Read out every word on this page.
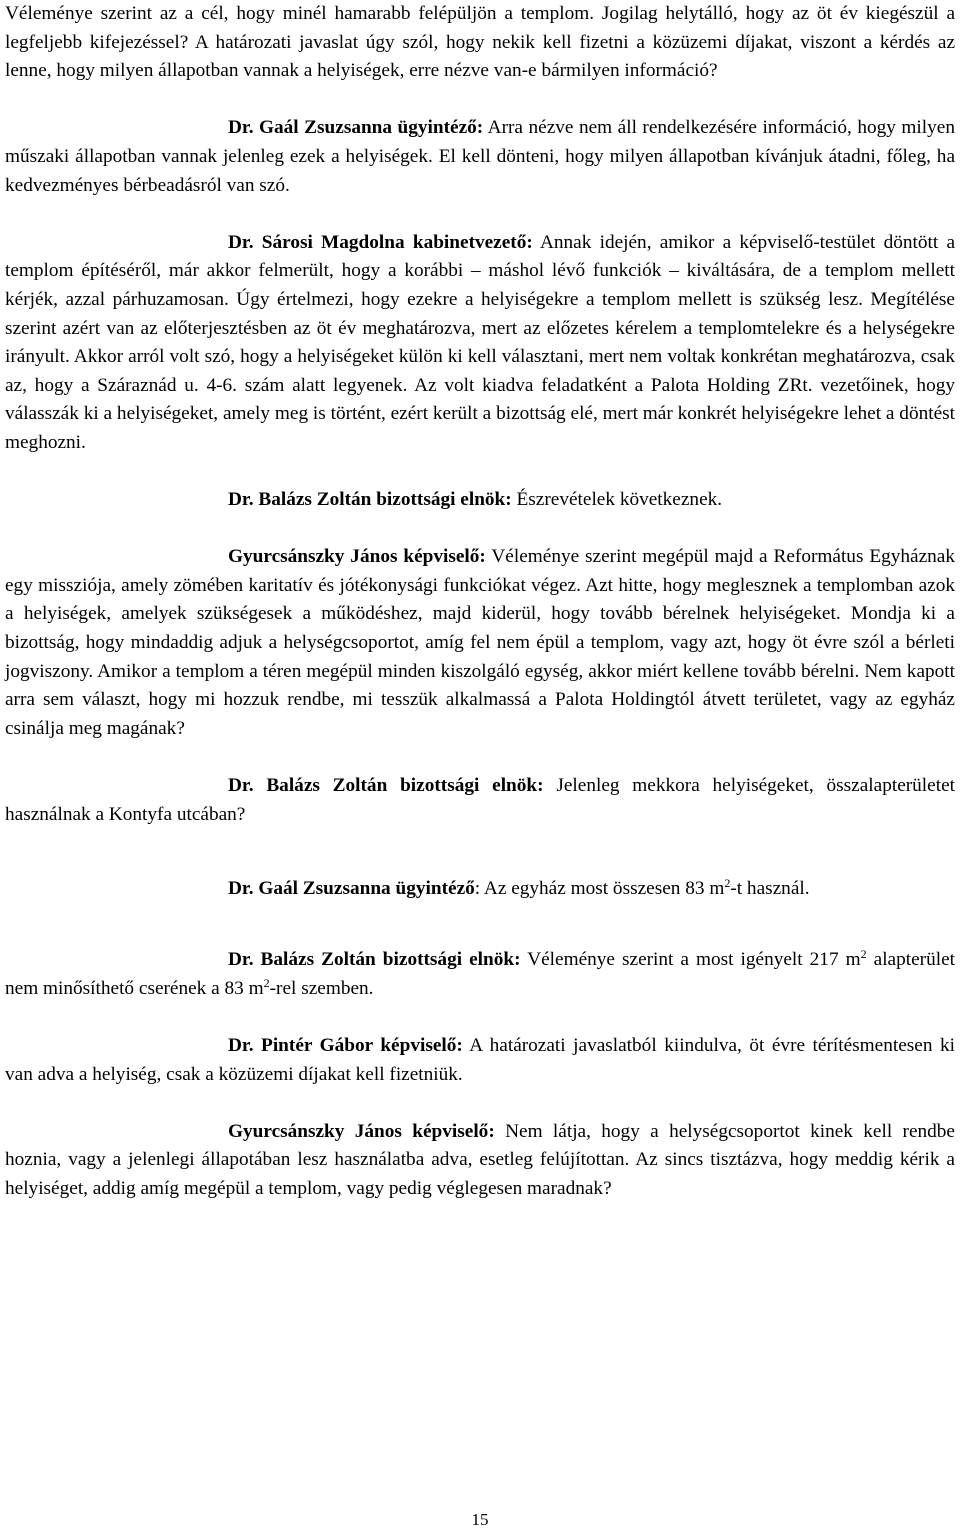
Véleménye szerint az a cél, hogy minél hamarabb felépüljön a templom. Jogilag helytálló, hogy az öt év kiegészül a legfeljebb kifejezéssel? A határozati javaslat úgy szól, hogy nekik kell fizetni a közüzemi díjakat, viszont a kérdés az lenne, hogy milyen állapotban vannak a helyiségek, erre nézve van-e bármilyen információ?

Dr. Gaál Zsuzsanna ügyintéző: Arra nézve nem áll rendelkezésére információ, hogy milyen műszaki állapotban vannak jelenleg ezek a helyiségek. El kell dönteni, hogy milyen állapotban kívánjuk átadni, főleg, ha kedvezményes bérbeadásról van szó.

Dr. Sárosi Magdolna kabinetvezető: Annak idején, amikor a képviselő-testület döntött a templom építéséről, már akkor felmerült, hogy a korábbi – máshol lévő funkciók – kiváltására, de a templom mellett kérjék, azzal párhuzamosan. Úgy értelmezi, hogy ezekre a helyiségekre a templom mellett is szükség lesz. Megítélése szerint azért van az előterjesztésben az öt év meghatározva, mert az előzetes kérelem a templomtelekre és a helységekre irányult. Akkor arról volt szó, hogy a helyiségeket külön ki kell választani, mert nem voltak konkrétan meghatározva, csak az, hogy a Száraznád u. 4-6. szám alatt legyenek. Az volt kiadva feladatként a Palota Holding ZRt. vezetőinek, hogy válasszák ki a helyiségeket, amely meg is történt, ezért került a bizottság elé, mert már konkrét helyiségekre lehet a döntést meghozni.

Dr. Balázs Zoltán bizottsági elnök: Észrevételek következnek.

Gyurcsánszky János képviselő: Véleménye szerint megépül majd a Református Egyháznak egy missziója, amely zömében karitatív és jótékonysági funkciókat végez. Azt hitte, hogy meglesznek a templomban azok a helyiségek, amelyek szükségesek a működéshez, majd kiderül, hogy tovább bérelnek helyiségeket. Mondja ki a bizottság, hogy mindaddig adjuk a helységcsoportot, amíg fel nem épül a templom, vagy azt, hogy öt évre szól a bérleti jogviszony. Amikor a templom a téren megépül minden kiszolgáló egység, akkor miért kellene tovább bérelni. Nem kapott arra sem választ, hogy mi hozzuk rendbe, mi tesszük alkalmassá a Palota Holdingtól átvett területet, vagy az egyház csinálja meg magának?

Dr. Balázs Zoltán bizottsági elnök: Jelenleg mekkora helyiségeket, összalapterületet használnak a Kontyfa utcában?

Dr. Gaál Zsuzsanna ügyintéző: Az egyház most összesen 83 $m^2-t$ használ.

Dr. Balázs Zoltán bizottsági elnök: Véleménye szerint a most igényelt 217 $m^2$ alapterület nem minősíthető cserének a 83 $m^2$-rel szemben.

Dr. Pintér Gábor képviselő: A határozati javaslatból kiindulva, öt évre térítésmentesen ki van adva a helyiség, csak a közüzemi díjakat kell fizetniük.

Gyurcsánszky János képviselő: Nem látja, hogy a helységcsoportot kinek kell rendbe hoznia, vagy a jelenlegi állapotában lesz használatba adva, esetleg felújítottan. Az sincs tisztázva, hogy meddig kérik a helyiséget, addig amíg megépül a templom, vagy pedig véglegesen maradnak?

15
